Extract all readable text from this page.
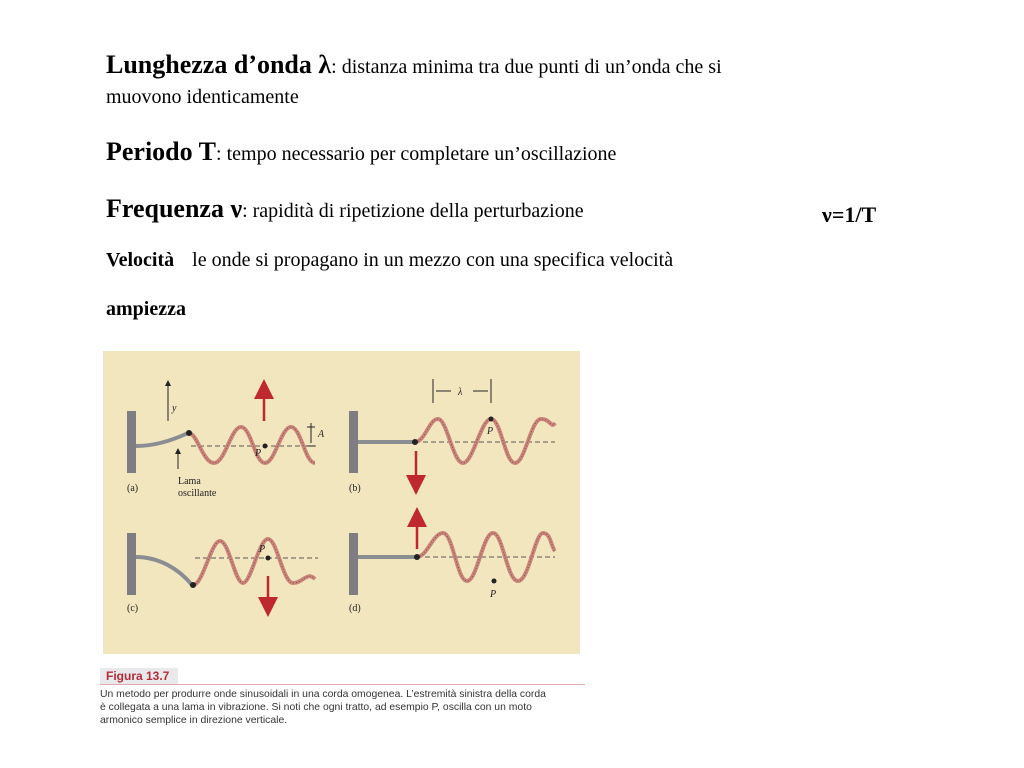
Lunghezza d’onda λ: distanza minima tra due punti di un’onda che si
muovono identicamente
Periodo T: tempo necessario per completare un’oscillazione
Frequenza ν: rapidità di ripetizione della perturbazione	ν=1/T
Velocità le onde si propagano in un mezzo con una specifica velocità
ampiezza
y
A
P
Lama
oscillante
(a)
λ
P
(b)
P
(c)
P
(d)
Figura 13.7
Un metodo per produrre onde sinusoidali in una corda omogenea. L’estremità sinistra della corda
è collegata a una lama in vibrazione. Si noti che ogni tratto, ad esempio P, oscilla con un moto
armonico semplice in direzione verticale.
